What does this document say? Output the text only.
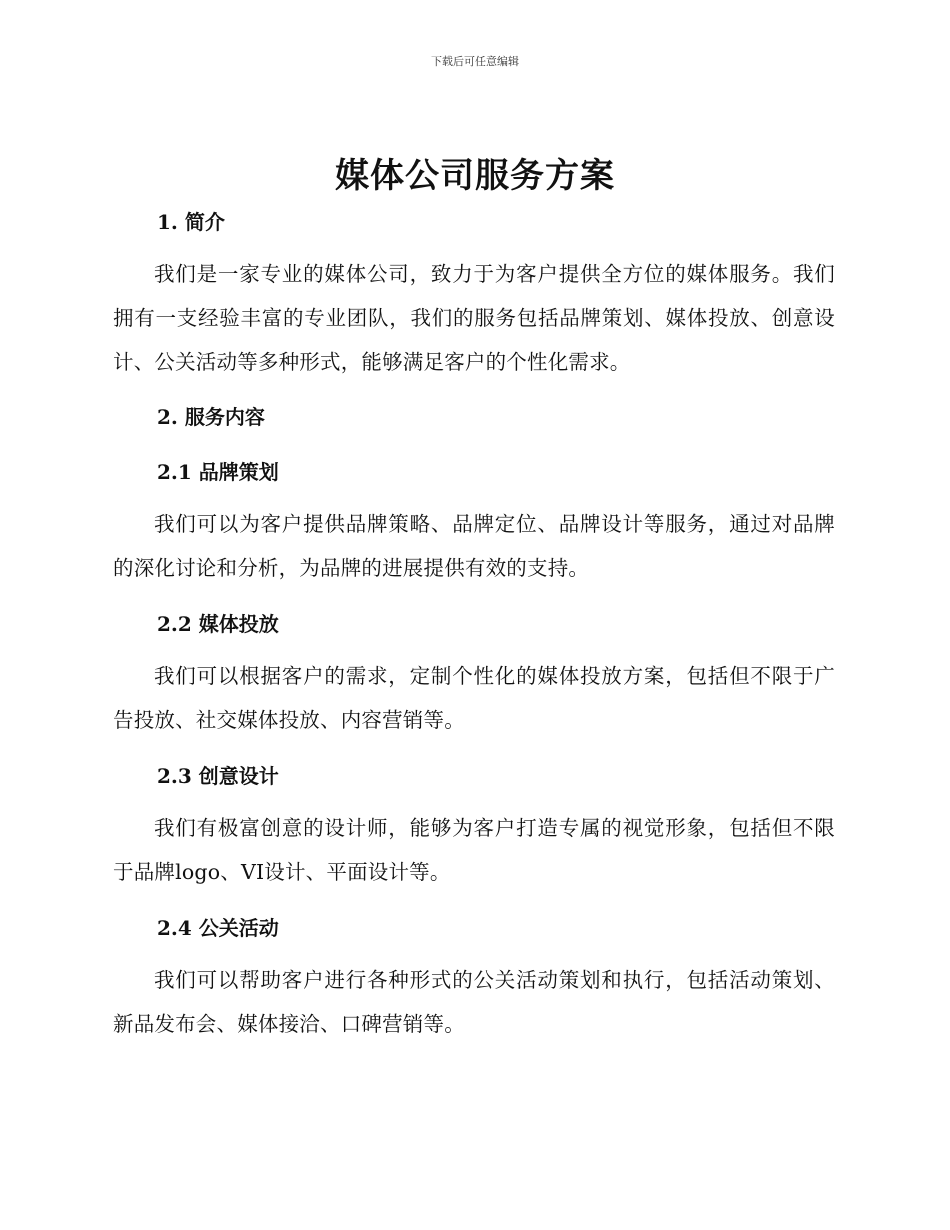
下载后可任意编辑
媒体公司服务方案
1. 简介

我们是一家专业的媒体公司，致力于为客户提供全方位的媒体服务。我们拥有一支经验丰富的专业团队，我们的服务包括品牌策划、媒体投放、创意设计、公关活动等多种形式，能够满足客户的个性化需求。

2. 服务内容
2.1 品牌策划

我们可以为客户提供品牌策略、品牌定位、品牌设计等服务，通过对品牌的深化讨论和分析，为品牌的进展提供有效的支持。

2.2 媒体投放

我们可以根据客户的需求，定制个性化的媒体投放方案，包括但不限于广告投放、社交媒体投放、内容营销等。

2.3 创意设计

我们有极富创意的设计师，能够为客户打造专属的视觉形象，包括但不限于品牌logo、VI设计、平面设计等。

2.4 公关活动

我们可以帮助客户进行各种形式的公关活动策划和执行，包括活动策划、新品发布会、媒体接洽、口碑营销等。
